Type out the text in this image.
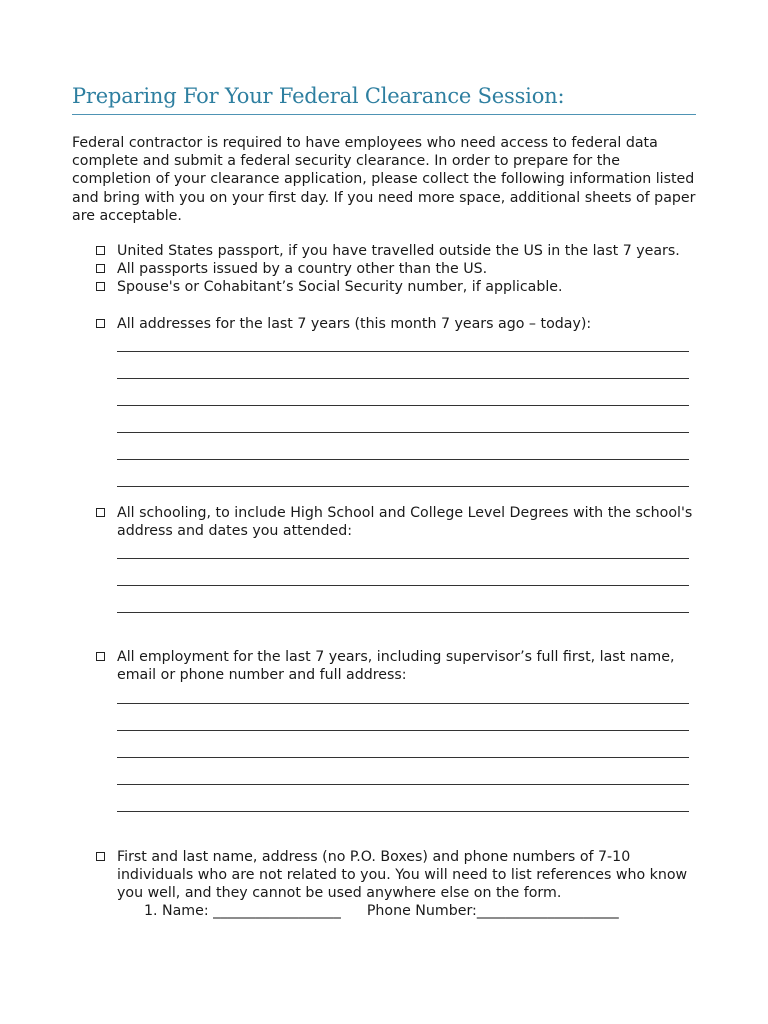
Preparing For Your Federal Clearance Session:

Federal contractor is required to have employees who need access to federal data complete and submit a federal security clearance. In order to prepare for the completion of your clearance application, please collect the following information listed and bring with you on your first day. If you need more space, additional sheets of paper are acceptable.

United States passport, if you have travelled outside the US in the last 7 years.
All passports issued by a country other than the US.
Spouse's or Cohabitant’s Social Security number, if applicable.
All addresses for the last 7 years (this month 7 years ago – today):
All schooling, to include High School and College Level Degrees with the school's address and dates you attended:
All employment for the last 7 years, including supervisor’s full first, last name, email or phone number and full address:
First and last name, address (no P.O. Boxes) and phone numbers of 7-10 individuals who are not related to you. You will need to list references who know you well, and they cannot be used anywhere else on the form.
1. Name: __________________ Phone Number:____________________
